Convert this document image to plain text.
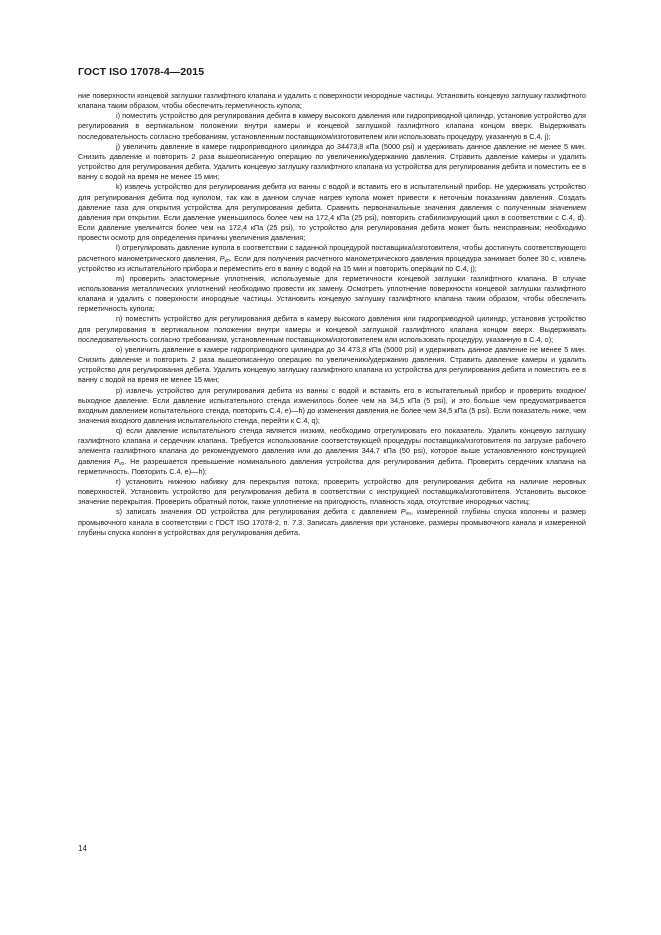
ГОСТ ISO 17078-4—2015

ние поверхности концевой заглушки газлифтного клапана и удалить с поверхности инородные частицы. Установить концевую заглушку газлифтного клапана таким образом, чтобы обеспечить герметичность купола;

i) поместить устройство для регулирования дебита в камеру высокого давления или гидроприводной цилиндр, установив устройство для регулирования в вертикальном положении внутри камеры и концевой заглушкой газлифтного клапана концом вверх. Выдерживать последовательность согласно требованиям, установленным поставщиком/изготовителем или использовать процедуру, указанную в С.4, j);

j) увеличить давление в камере гидроприводного цилиндра до 34473,8 кПа (5000 psi) и удерживать данное давление не менее 5 мин. Снизить давление и повторить 2 раза вышеописанную операцию по увеличению/удержанию давления. Стравить давление камеры и удалить устройство для регулирования дебита. Удалить концевую заглушку газлифтного клапана из устройства для регулирования дебита и поместить ее в ванну с водой на время не менее 15 мин;

k) извлечь устройство для регулирования дебита из ванны с водой и вставить его в испытательный прибор. Не удерживать устройство для регулирования дебита под куполом, так как в данном случае нагрев купола может привести к неточным показаниям давления. Создать давление газа для открытия устройства для регулирования дебита. Сравнить первоначальные значения давления с полученным значением давления при открытии. Если давление уменьшилось более чем на 172,4 кПа (25 psi), повторить стабилизирующий цикл в соответствии с С.4, d). Если давление увеличится более чем на 172,4 кПа (25 psi), то устройство для регулирования дебита может быть неисправным; необходимо провести осмотр для определения причины увеличения давления;

l) отрегулировать давление купола в соответствии с заданной процедурой поставщика/изготовителя, чтобы достигнуть соответствующего расчетного манометрического давления, $P_{vo}$. Если для получения расчетного манометрического давления процедура занимает более 30 с, извлечь устройство из испытательного прибора и переместить его в ванну с водой на 15 мин и повторить операции по С.4, j);

m) проверить эластомерные уплотнения, используемые для герметичности концевой заглушки газлифтного клапана. В случае использования металлических уплотнений необходимо провести их замену. Осмотреть уплотнение поверхности концевой заглушки газлифтного клапана и удалить с поверхности инородные частицы. Установить концевую заглушку газлифтного клапана таким образом, чтобы обеспечить герметичность купола;

n) поместить устройство для регулирования дебита в камеру высокого давления или гидроприводной цилиндр, установив устройство для регулирования в вертикальном положении внутри камеры и концевой заглушкой газлифтного клапана концом вверх. Выдерживать последовательность согласно требованиям, установленным поставщиком/изготовителем или использовать процедуру, указанную в С.4, о);

о) увеличить давление в камере гидроприводного цилиндра до 34 473,8 кПа (5000 psi) и удерживать данное давление не менее 5 мин. Снизить давление и повторить 2 раза вышеописанную операцию по увеличению/удержанию давления. Стравить давление камеры и удалить устройство для регулирования дебита. Удалить концевую заглушку газлифтного клапана из устройства для регулирования дебита и поместить ее в ванну с водой на время не менее 15 мин;

р) извлечь устройство для регулирования дебита из ванны с водой и вставить его в испытательный прибор и проверить входное/выходное давление. Если давление испытательного стенда изменилось более чем на 34,5 кПа (5 psi), и это больше чем предусматривается входным давлением испытательного стенда, повторить С.4, е)—h) до изменения давления не более чем 34,5 кПа (5 psi). Если показатель ниже, чем значения входного давления испытательного стенда, перейти к С.4, q);

q) если давление испытательного стенда является низким, необходимо отрегулировать его показатель. Удалить концевую заглушку газлифтного клапана и сердечник клапана. Требуется использование соответствующей процедуры поставщика/изготовителя по загрузке рабочего элемента газлифтного клапана до рекомендуемого давления или до давления 344,7 кПа (50 psi), которое выше установленного конструкцией давления $P_{vo}$. Не разрешается превышение номинального давления устройства для регулирования дебита. Проверить сердечник клапана на герметичность. Повторить С.4, е)—h);

r) установить нижнюю набивку для перекрытия потока; проверить устройство для регулирования дебита на наличие неровных поверхностей. Установить устройство для регулирования дебита в соответствии с инструкцией поставщика/изготовителя. Установить высокое значение перекрытия. Проверить обратный поток, также уплотнение на пригодность, плавность хода, отсутствие инородных частиц;

s) записать значения OD устройства для регулирования дебита с давлением $P_{vo}$, измеренной глубины спуска колонны и размер промывочного канала в соответствии с ГОСТ ISO 17078-2, п. 7.3. Записать давления при установке, размеры промывочного канала и измеренной глубины спуска колонн в устройствах для регулирования дебита.

14
